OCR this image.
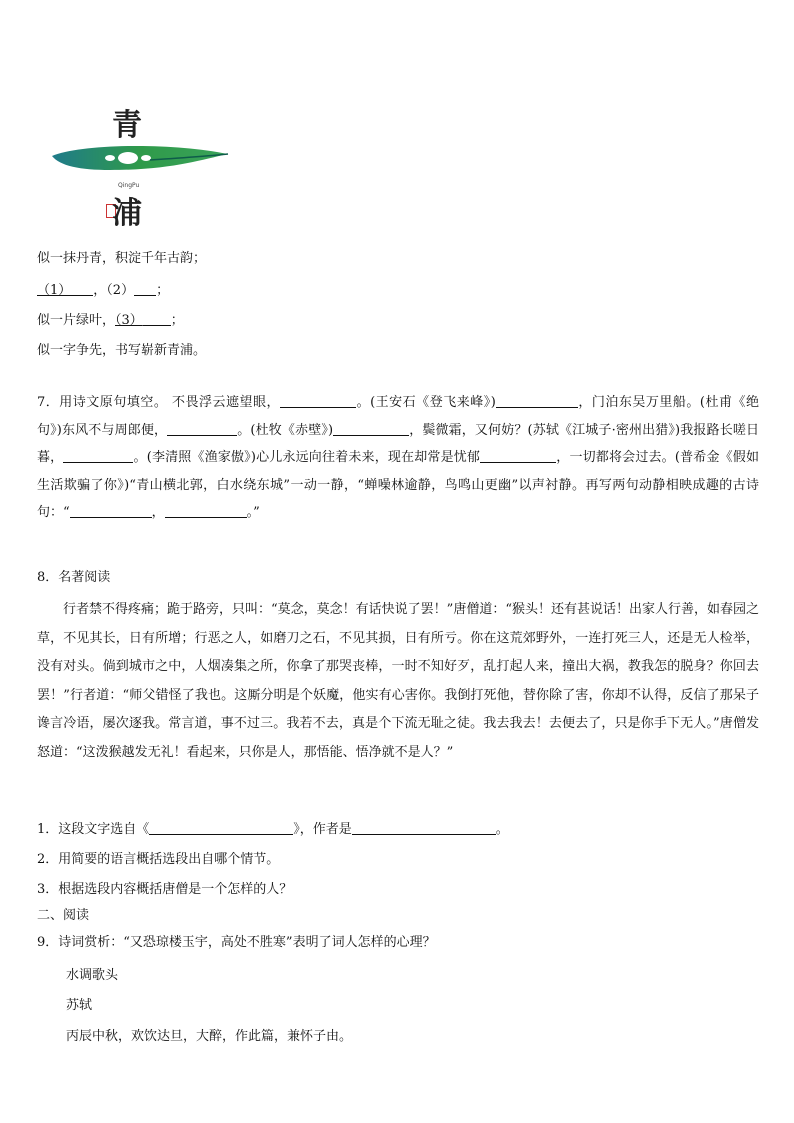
青
QingPu
浦
似一抹丹青，积淀千年古韵；
（1） ，（2） ；
似一片绿叶，（3） ；
似一字争先，书写崭新青浦。
7．用诗文原句填空。 不畏浮云遮望眼，	。(王安石《登飞来峰》)	，门泊东吴万里船。(杜甫《绝句》)东风不与周郎便，	。(杜牧《赤壁》)	，鬓微霜，又何妨？(苏轼《江城子·密州出猎》)我报路长嗟日暮，	。(李清照《渔家傲》)心儿永远向往着未来，现在却常是忧郁	，一切都将会过去。(普希金《假如生活欺骗了你》)“青山横北郭，白水绕东城”一动一静，“蝉噪林逾静，鸟鸣山更幽”以声衬静。再写两句动静相映成趣的古诗句：“	，	。”
8．名著阅读
行者禁不得疼痛；跪于路旁，只叫：“莫念，莫念！有话快说了罢！”唐僧道：“猴头！还有甚说话！出家人行善，如春园之草，不见其长，日有所增；行恶之人，如磨刀之石，不见其损，日有所亏。你在这荒郊野外，一连打死三人，还是无人检举，没有对头。倘到城市之中，人烟凑集之所，你拿了那哭丧棒，一时不知好歹，乱打起人来，撞出大祸，教我怎的脱身？你回去罢！”行者道：“师父错怪了我也。这厮分明是个妖魔，他实有心害你。我倒打死他，替你除了害，你却不认得，反信了那呆子谗言冷语，屡次逐我。常言道，事不过三。我若不去，真是个下流无耻之徒。我去我去！去便去了，只是你手下无人。”唐僧发怒道：“这泼猴越发无礼！看起来，只你是人，那悟能、悟净就不是人？”
1．这段文字选自《	》，作者是	。
2．用简要的语言概括选段出自哪个情节。
3．根据选段内容概括唐僧是一个怎样的人？
二、阅读
9．诗词赏析：“又恐琼楼玉宇，高处不胜寒”表明了词人怎样的心理？
水调歌头
苏轼
丙辰中秋，欢饮达旦，大醉，作此篇，兼怀子由。
